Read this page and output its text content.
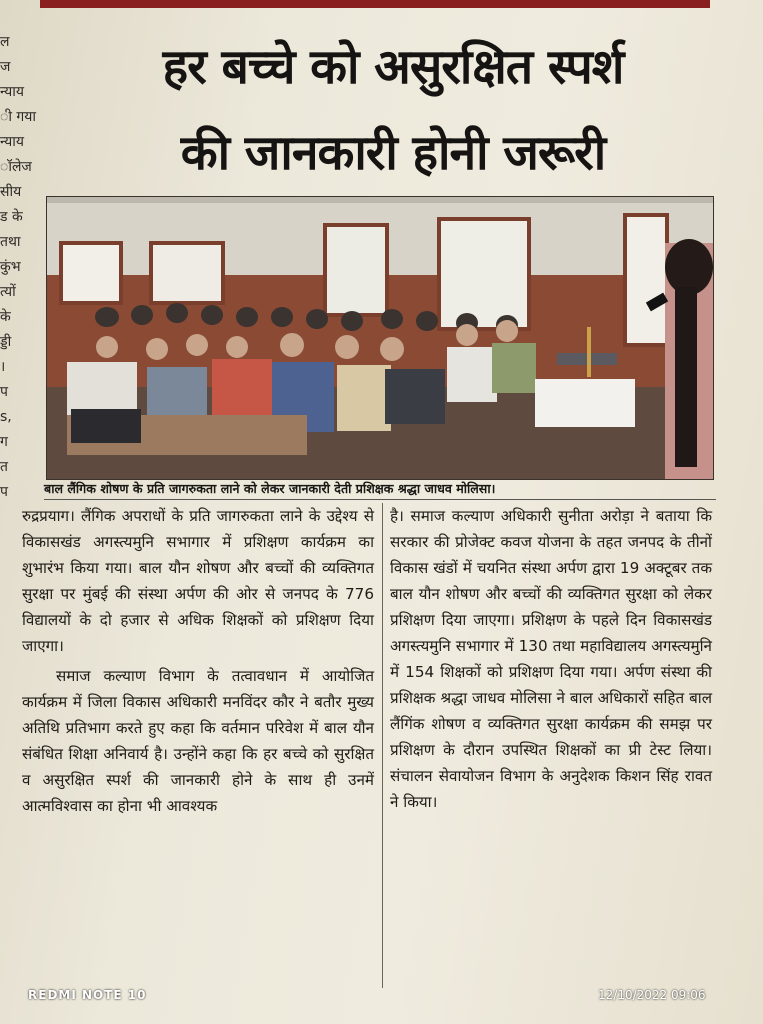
ल
ज
न्याय
ी गया
न्याय
ॉलेज
सीय
ड के
तथा
कुंभ
त्यों
के
ड्डी
।
प
s,
ग
त
प
हर बच्चे को असुरक्षित स्पर्श
की जानकारी होनी जरूरी
बाल लैंगिक शोषण के प्रति जागरुकता लाने को लेकर जानकारी देती प्रशिक्षक श्रद्धा जाधव मोलिसा।

रुद्रप्रयाग। लैंगिक अपराधों के प्रति जागरुकता लाने के उद्देश्य से विकासखंड अगस्त्यमुनि सभागार में प्रशिक्षण कार्यक्रम का शुभारंभ किया गया। बाल यौन शोषण और बच्चों की व्यक्तिगत सुरक्षा पर मुंबई की संस्था अर्पण की ओर से जनपद के 776 विद्यालयों के दो हजार से अधिक शिक्षकों को प्रशिक्षण दिया जाएगा।

समाज कल्याण विभाग के तत्वावधान में आयोजित कार्यक्रम में जिला विकास अधिकारी मनविंदर कौर ने बतौर मुख्य अतिथि प्रतिभाग करते हुए कहा कि वर्तमान परिवेश में बाल यौन संबंधित शिक्षा अनिवार्य है। उन्होंने कहा कि हर बच्चे को सुरक्षित व असुरक्षित स्पर्श की जानकारी होने के साथ ही उनमें आत्मविश्वास का होना भी आवश्यक

है। समाज कल्याण अधिकारी सुनीता अरोड़ा ने बताया कि सरकार की प्रोजेक्ट कवज योजना के तहत जनपद के तीनों विकास खंडों में चयनित संस्था अर्पण द्वारा 19 अक्टूबर तक बाल यौन शोषण और बच्चों की व्यक्तिगत सुरक्षा को लेकर प्रशिक्षण दिया जाएगा। प्रशिक्षण के पहले दिन विकासखंड अगस्त्यमुनि सभागार में 130 तथा महाविद्यालय अगस्त्यमुनि में 154 शिक्षकों को प्रशिक्षण दिया गया। अर्पण संस्था की प्रशिक्षक श्रद्धा जाधव मोलिसा ने बाल अधिकारों सहित बाल लैंगिंक शोषण व व्यक्तिगत सुरक्षा कार्यक्रम की समझ पर प्रशिक्षण के दौरान उपस्थित शिक्षकों का प्री टेस्ट लिया। संचालन सेवायोजन विभाग के अनुदेशक किशन सिंह रावत ने किया।

REDMI NOTE 10	12/10/2022 09:06
